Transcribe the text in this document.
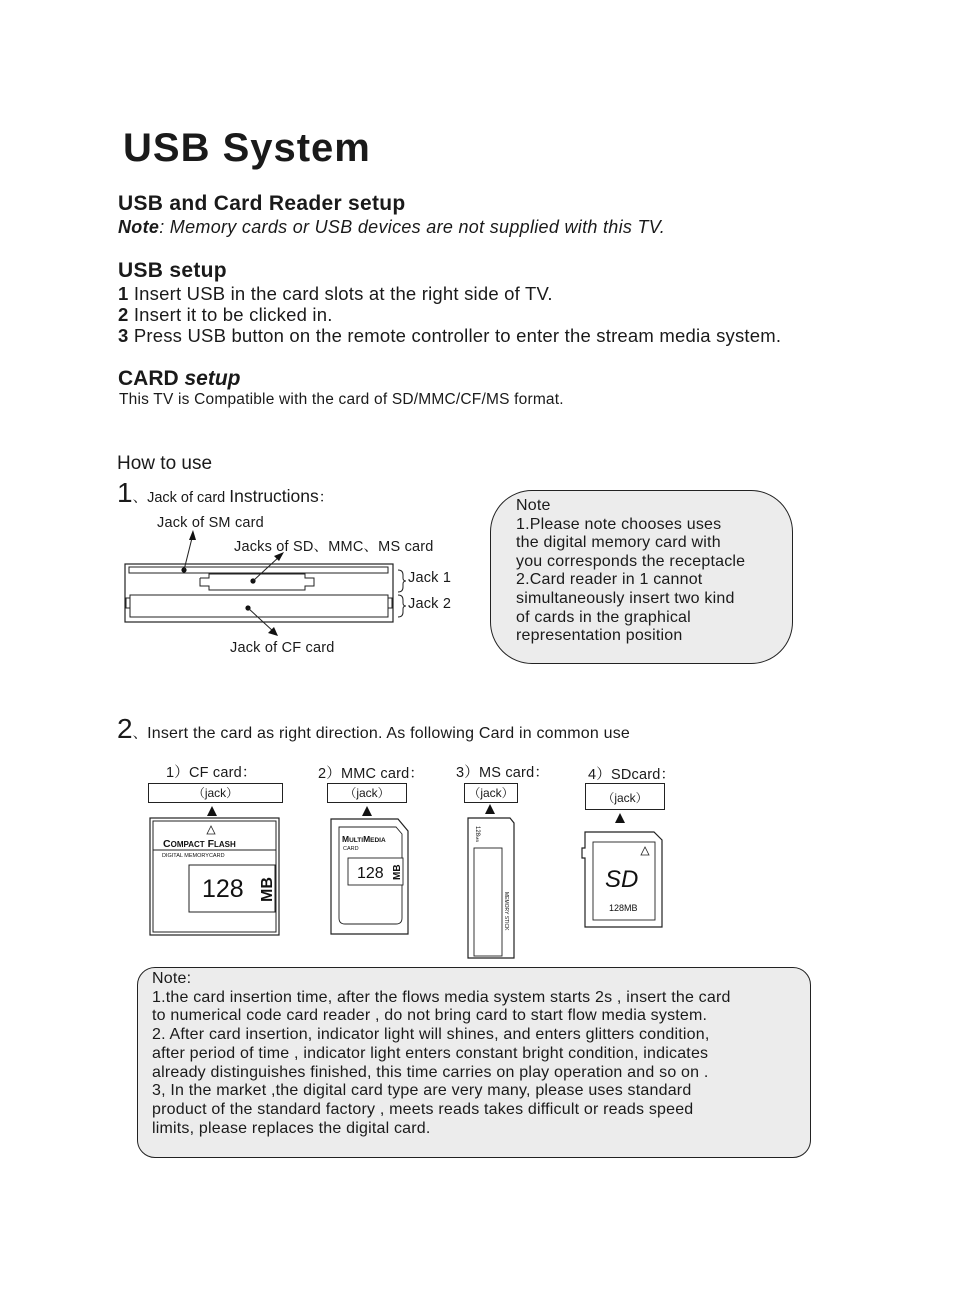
USB System
USB and Card Reader setup
Note: Memory cards or USB devices are not supplied with this TV.
USB setup
1 Insert USB in the card slots at the right side of TV.
2 Insert it to be clicked in.
3 Press USB button on the remote controller to enter the stream media system.
CARD setup
This TV is Compatible with the card of SD/MMC/CF/MS format.
How to use
1、Jack of card Instructions：
Jack of SM card
Jacks of SD、MMC、MS card
Jack 1
Jack 2
Jack of CF card
Note
1.Please note chooses uses
the digital memory card with
you corresponds the receptacle
2.Card reader in 1 cannot
simultaneously insert two kind
of cards in the graphical
representation position
2、Insert the card as right direction. As following Card in common use
1）CF card：	2）MMC card： 3）MS card：	4）SDcard：
（jack）	（jack）	（jack）	（jack）
COMPACT FLASH
DIGITAL MEMORYCARD
128 MB
MULTIMEDIA
CARD
128 MB
128MB
MEMORY STICK
SD
128MB
Note:
1.the card insertion time, after the flows media system starts 2s , insert the card
to numerical code card reader , do not bring card to start flow media system.
2. After card insertion, indicator light will shines, and enters glitters condition,
after period of time , indicator light enters constant bright condition, indicates
already distinguishes finished, this time carries on play operation and so on .
3, In the market ,the digital card type are very many, please uses standard
product of the standard factory , meets reads takes difficult or reads speed
limits, please replaces the digital card.
